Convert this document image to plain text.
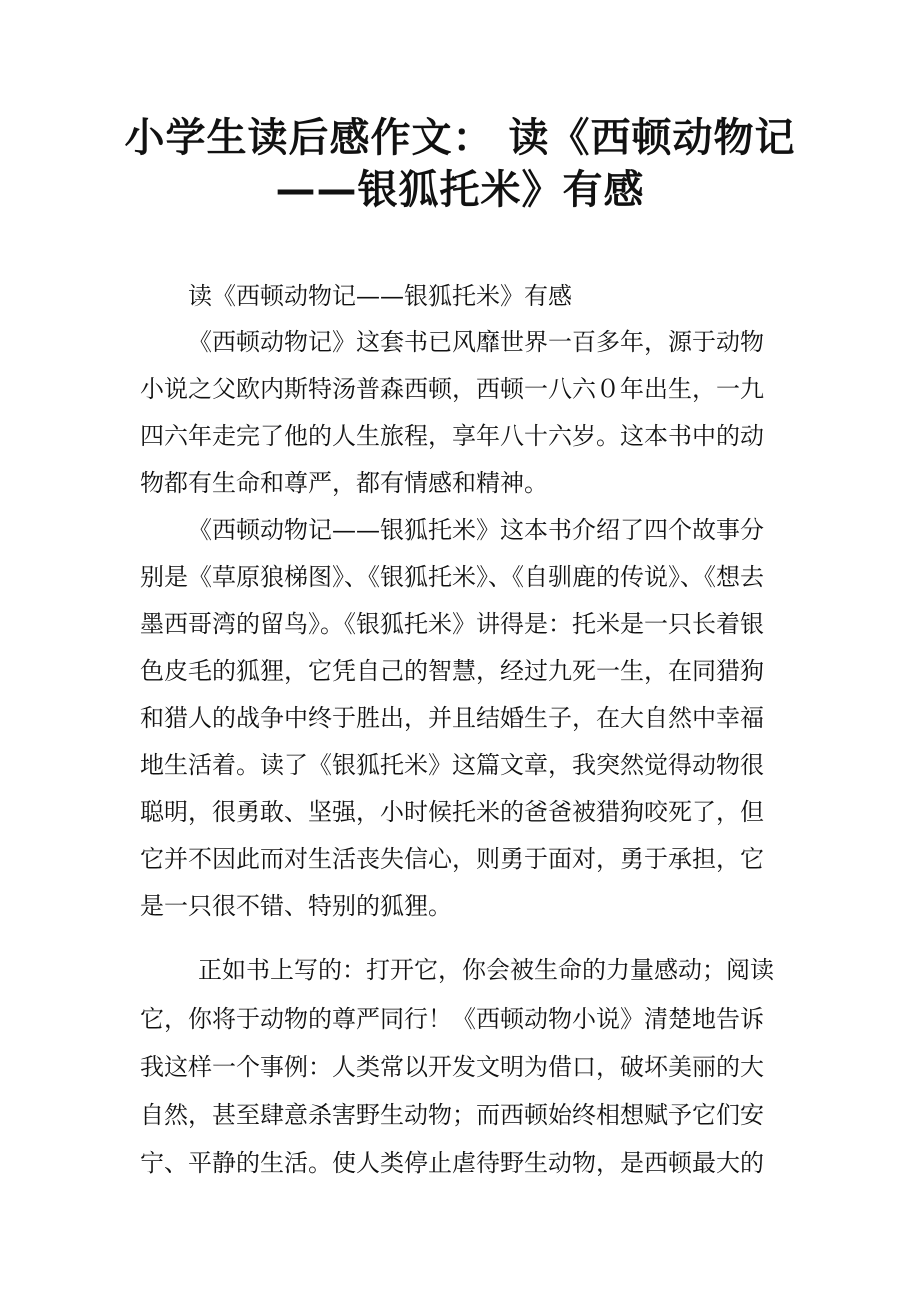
小学生读后感作文： 读《西顿动物记
——银狐托米》有感
读《西顿动物记——银狐托米》有感
《西顿动物记》这套书已风靡世界一百多年，源于动物
小说之父欧内斯特汤普森西顿，西顿一八六０年出生，一九
四六年走完了他的人生旅程，享年八十六岁。这本书中的动
物都有生命和尊严，都有情感和精神。
《西顿动物记——银狐托米》这本书介绍了四个故事分
别是《草原狼梯图》、《银狐托米》、《自驯鹿的传说》、《想去
墨西哥湾的留鸟》。《银狐托米》讲得是：托米是一只长着银
色皮毛的狐狸，它凭自己的智慧，经过九死一生，在同猎狗
和猎人的战争中终于胜出，并且结婚生子，在大自然中幸福
地生活着。读了《银狐托米》这篇文章，我突然觉得动物很
聪明，很勇敢、坚强，小时候托米的爸爸被猎狗咬死了，但
它并不因此而对生活丧失信心，则勇于面对，勇于承担，它
是一只很不错、特别的狐狸。
正如书上写的：打开它，你会被生命的力量感动；阅读
它，你将于动物的尊严同行！《西顿动物小说》清楚地告诉
我这样一个事例：人类常以开发文明为借口，破坏美丽的大
自然，甚至肆意杀害野生动物；而西顿始终相想赋予它们安
宁、平静的生活。使人类停止虐待野生动物，是西顿最大的
